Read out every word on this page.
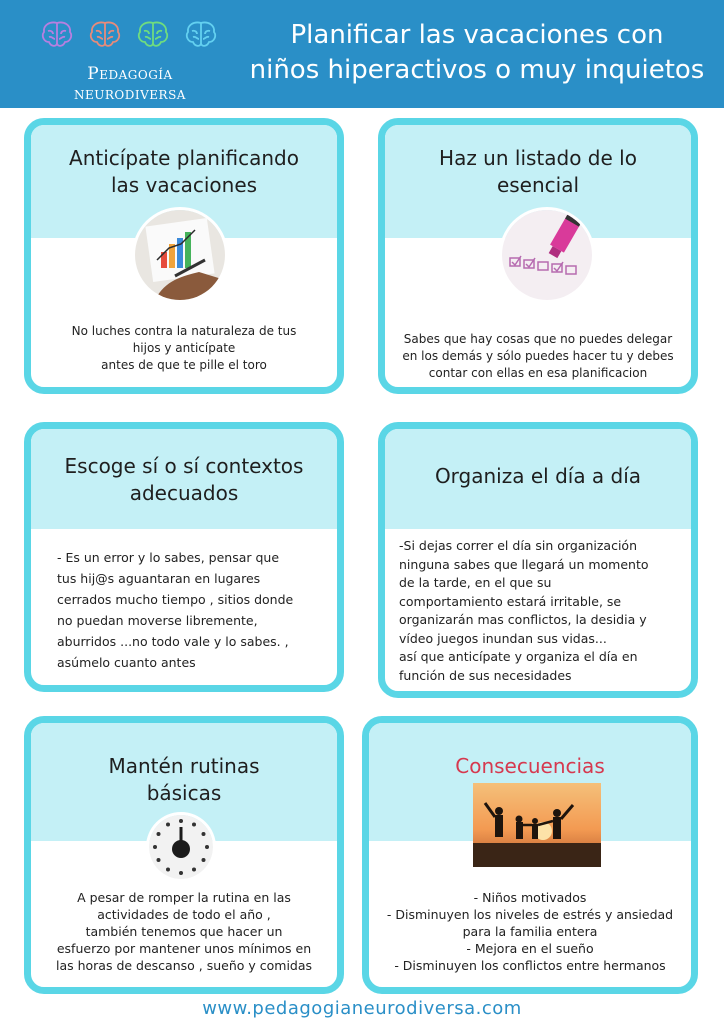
Pedagogía neurodiversa
Planificar las vacaciones con
niños hiperactivos o muy inquietos
Anticípate planificando
las vacaciones
No luches contra la naturaleza de tus
hijos y anticípate
antes de que te pille el toro
Haz un listado de lo
esencial
Sabes que hay cosas que no puedes delegar
en los demás y sólo puedes hacer tu y debes
contar con ellas en esa planificacion
Escoge sí o sí contextos
adecuados
- Es un error y lo sabes, pensar que
tus hij@s aguantaran en lugares
cerrados mucho tiempo , sitios donde
no puedan moverse libremente,
aburridos ...no todo vale y lo sabes. ,
asúmelo cuanto antes
Organiza el día a día
-Si dejas correr el día sin organización
ninguna sabes que llegará un momento
de la tarde, en el que su
comportamiento estará irritable, se
organizarán mas conflictos, la desidia y
vídeo juegos inundan sus vidas...
así que anticípate y organiza el día en
función de sus necesidades
Mantén rutinas
básicas
A pesar de romper la rutina en las
actividades de todo el año ,
también tenemos que hacer un
esfuerzo por mantener unos mínimos en
las horas de descanso , sueño y comidas
Consecuencias
- Niños motivados
- Disminuyen los niveles de estrés y ansiedad
para la familia entera
- Mejora en el sueño
- Disminuyen los conflictos entre hermanos
www.pedagogianeurodiversa.com
